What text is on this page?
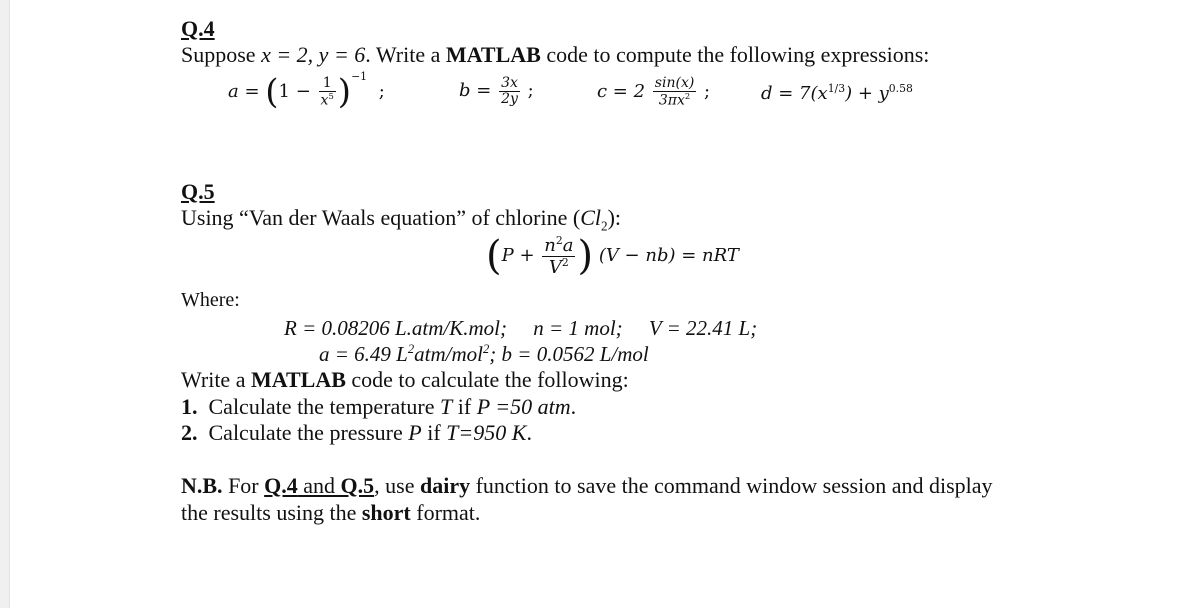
Q.4
Suppose x = 2, y = 6. Write a MATLAB code to compute the following expressions:
$a = (1 - \frac{1}{x^5} )^{-1}$ ;	$b = \frac{3x}{2y}$ ;	$c = 2 \frac{\sin(x)}{3\pi x^2}$ ;	$d = 7(x^{1/3}) + y^{0.58}$
Q.5
Using “Van der Waals equation” of chlorine $(Cl_2)$:
($P + \frac{n^2a}{V^2}$ ) (V − nb) = nRT
Where:
R = 0.08206 L.atm/K.mol;     n = 1 mol;     V = 22.41 L;
a = 6.49 $L^2atm/mol^2$; b = 0.0562 L/mol
Write a MATLAB code to calculate the following:
1. Calculate the temperature T if P =50 atm.
2. Calculate the pressure P if T=950 K.
N.B. For Q.4 and Q.5, use dairy function to save the command window session and display
the results using the short format.
